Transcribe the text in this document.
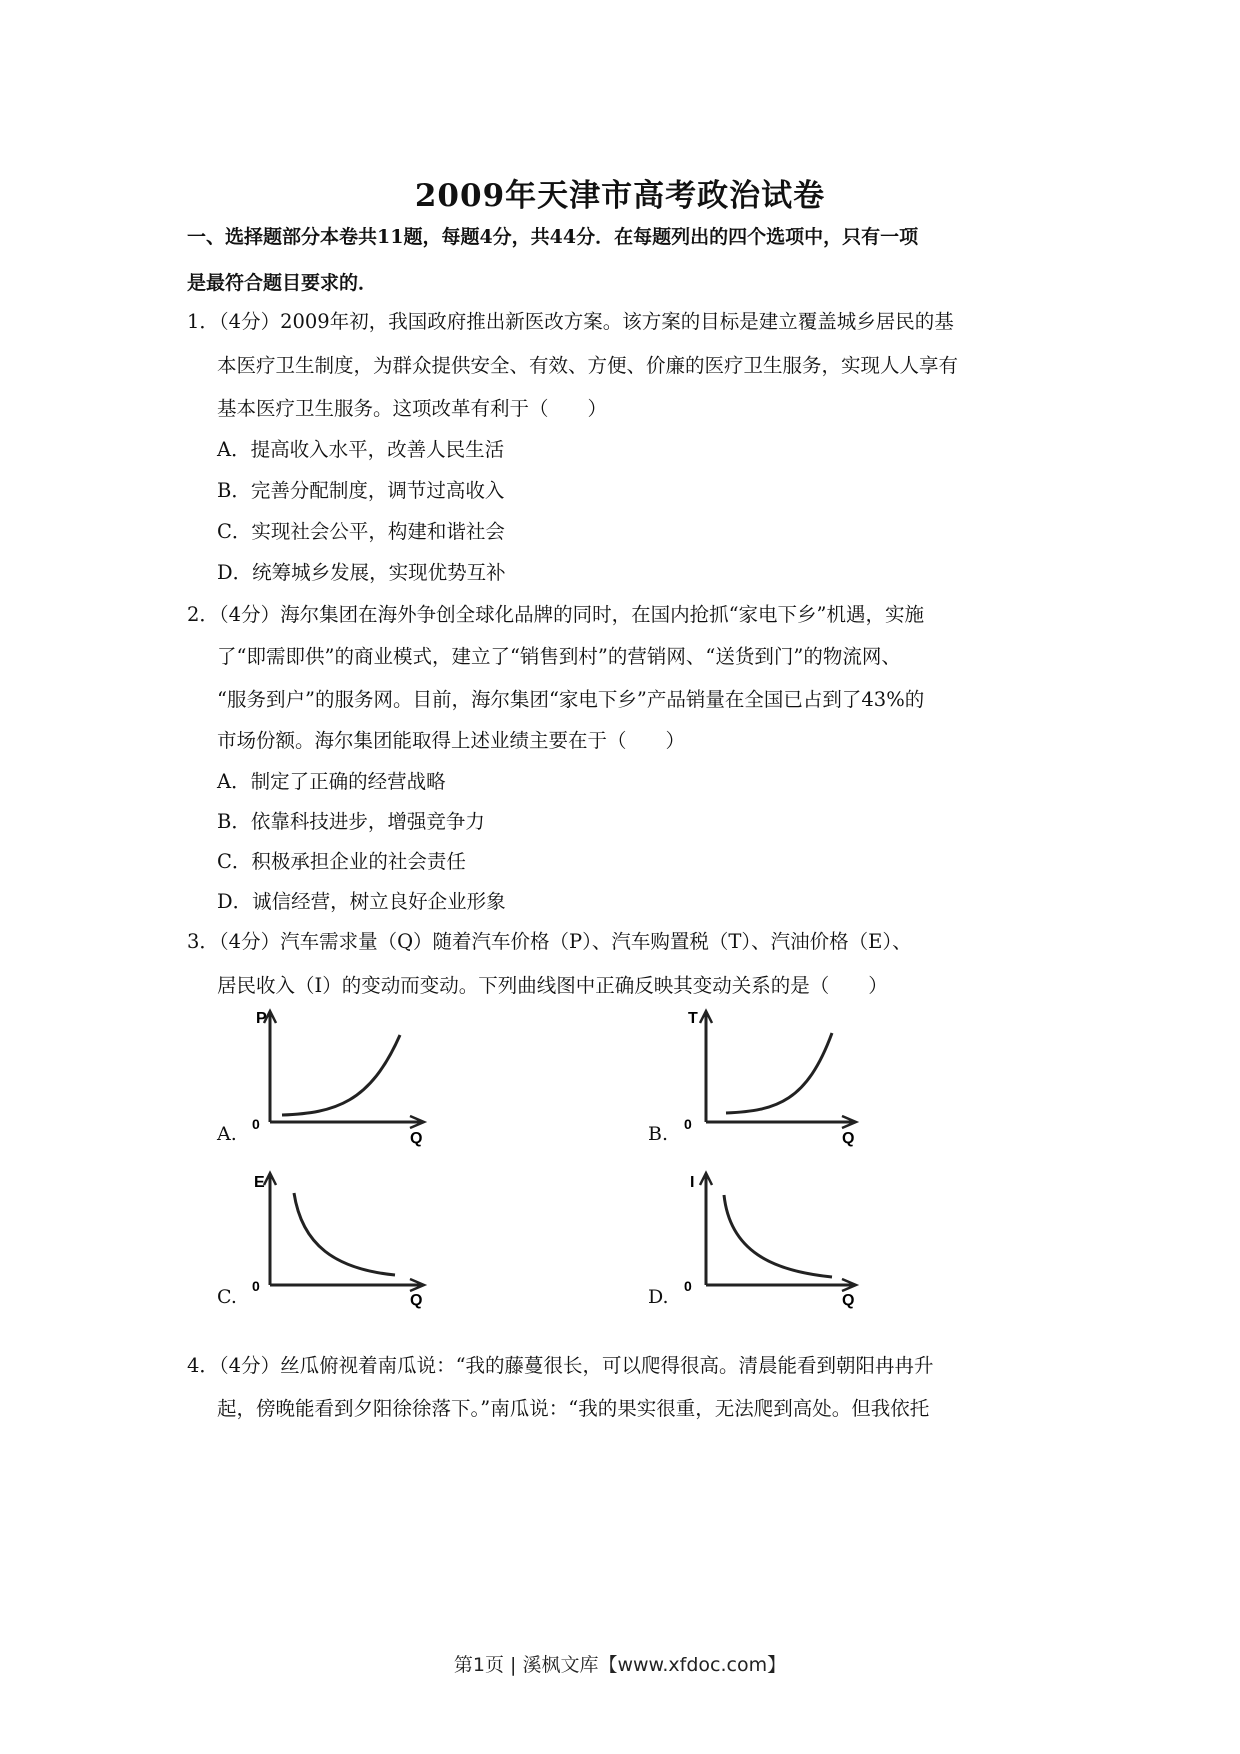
2009年天津市高考政治试卷
一、选择题部分本卷共11题，每题4分，共44分．在每题列出的四个选项中，只有一项
是最符合题目要求的．
1．（4分）2009年初，我国政府推出新医改方案。该方案的目标是建立覆盖城乡居民的基
本医疗卫生制度，为群众提供安全、有效、方便、价廉的医疗卫生服务，实现人人享有
基本医疗卫生服务。这项改革有利于（　　）
A．提高收入水平，改善人民生活
B．完善分配制度，调节过高收入
C．实现社会公平，构建和谐社会
D．统筹城乡发展，实现优势互补
2．（4分）海尔集团在海外争创全球化品牌的同时，在国内抢抓“家电下乡”机遇，实施
了“即需即供”的商业模式，建立了“销售到村”的营销网、“送货到门”的物流网、
“服务到户”的服务网。目前，海尔集团“家电下乡”产品销量在全国已占到了43%的
市场份额。海尔集团能取得上述业绩主要在于（　　）
A．制定了正确的经营战略
B．依靠科技进步，增强竞争力
C．积极承担企业的社会责任
D．诚信经营，树立良好企业形象
3．（4分）汽车需求量（Q）随着汽车价格（P）、汽车购置税（T）、汽油价格（E）、
居民收入（I）的变动而变动。下列曲线图中正确反映其变动关系的是（　　）
A.
P
0
Q	B.
T
0
Q
C.
E
0
Q	D.
I
0
Q
4．（4分）丝瓜俯视着南瓜说：“我的藤蔓很长，可以爬得很高。清晨能看到朝阳冉冉升
起，傍晚能看到夕阳徐徐落下。”南瓜说：“我的果实很重，无法爬到高处。但我依托
第1页 | 溪枫文库【www.xfdoc.com】
